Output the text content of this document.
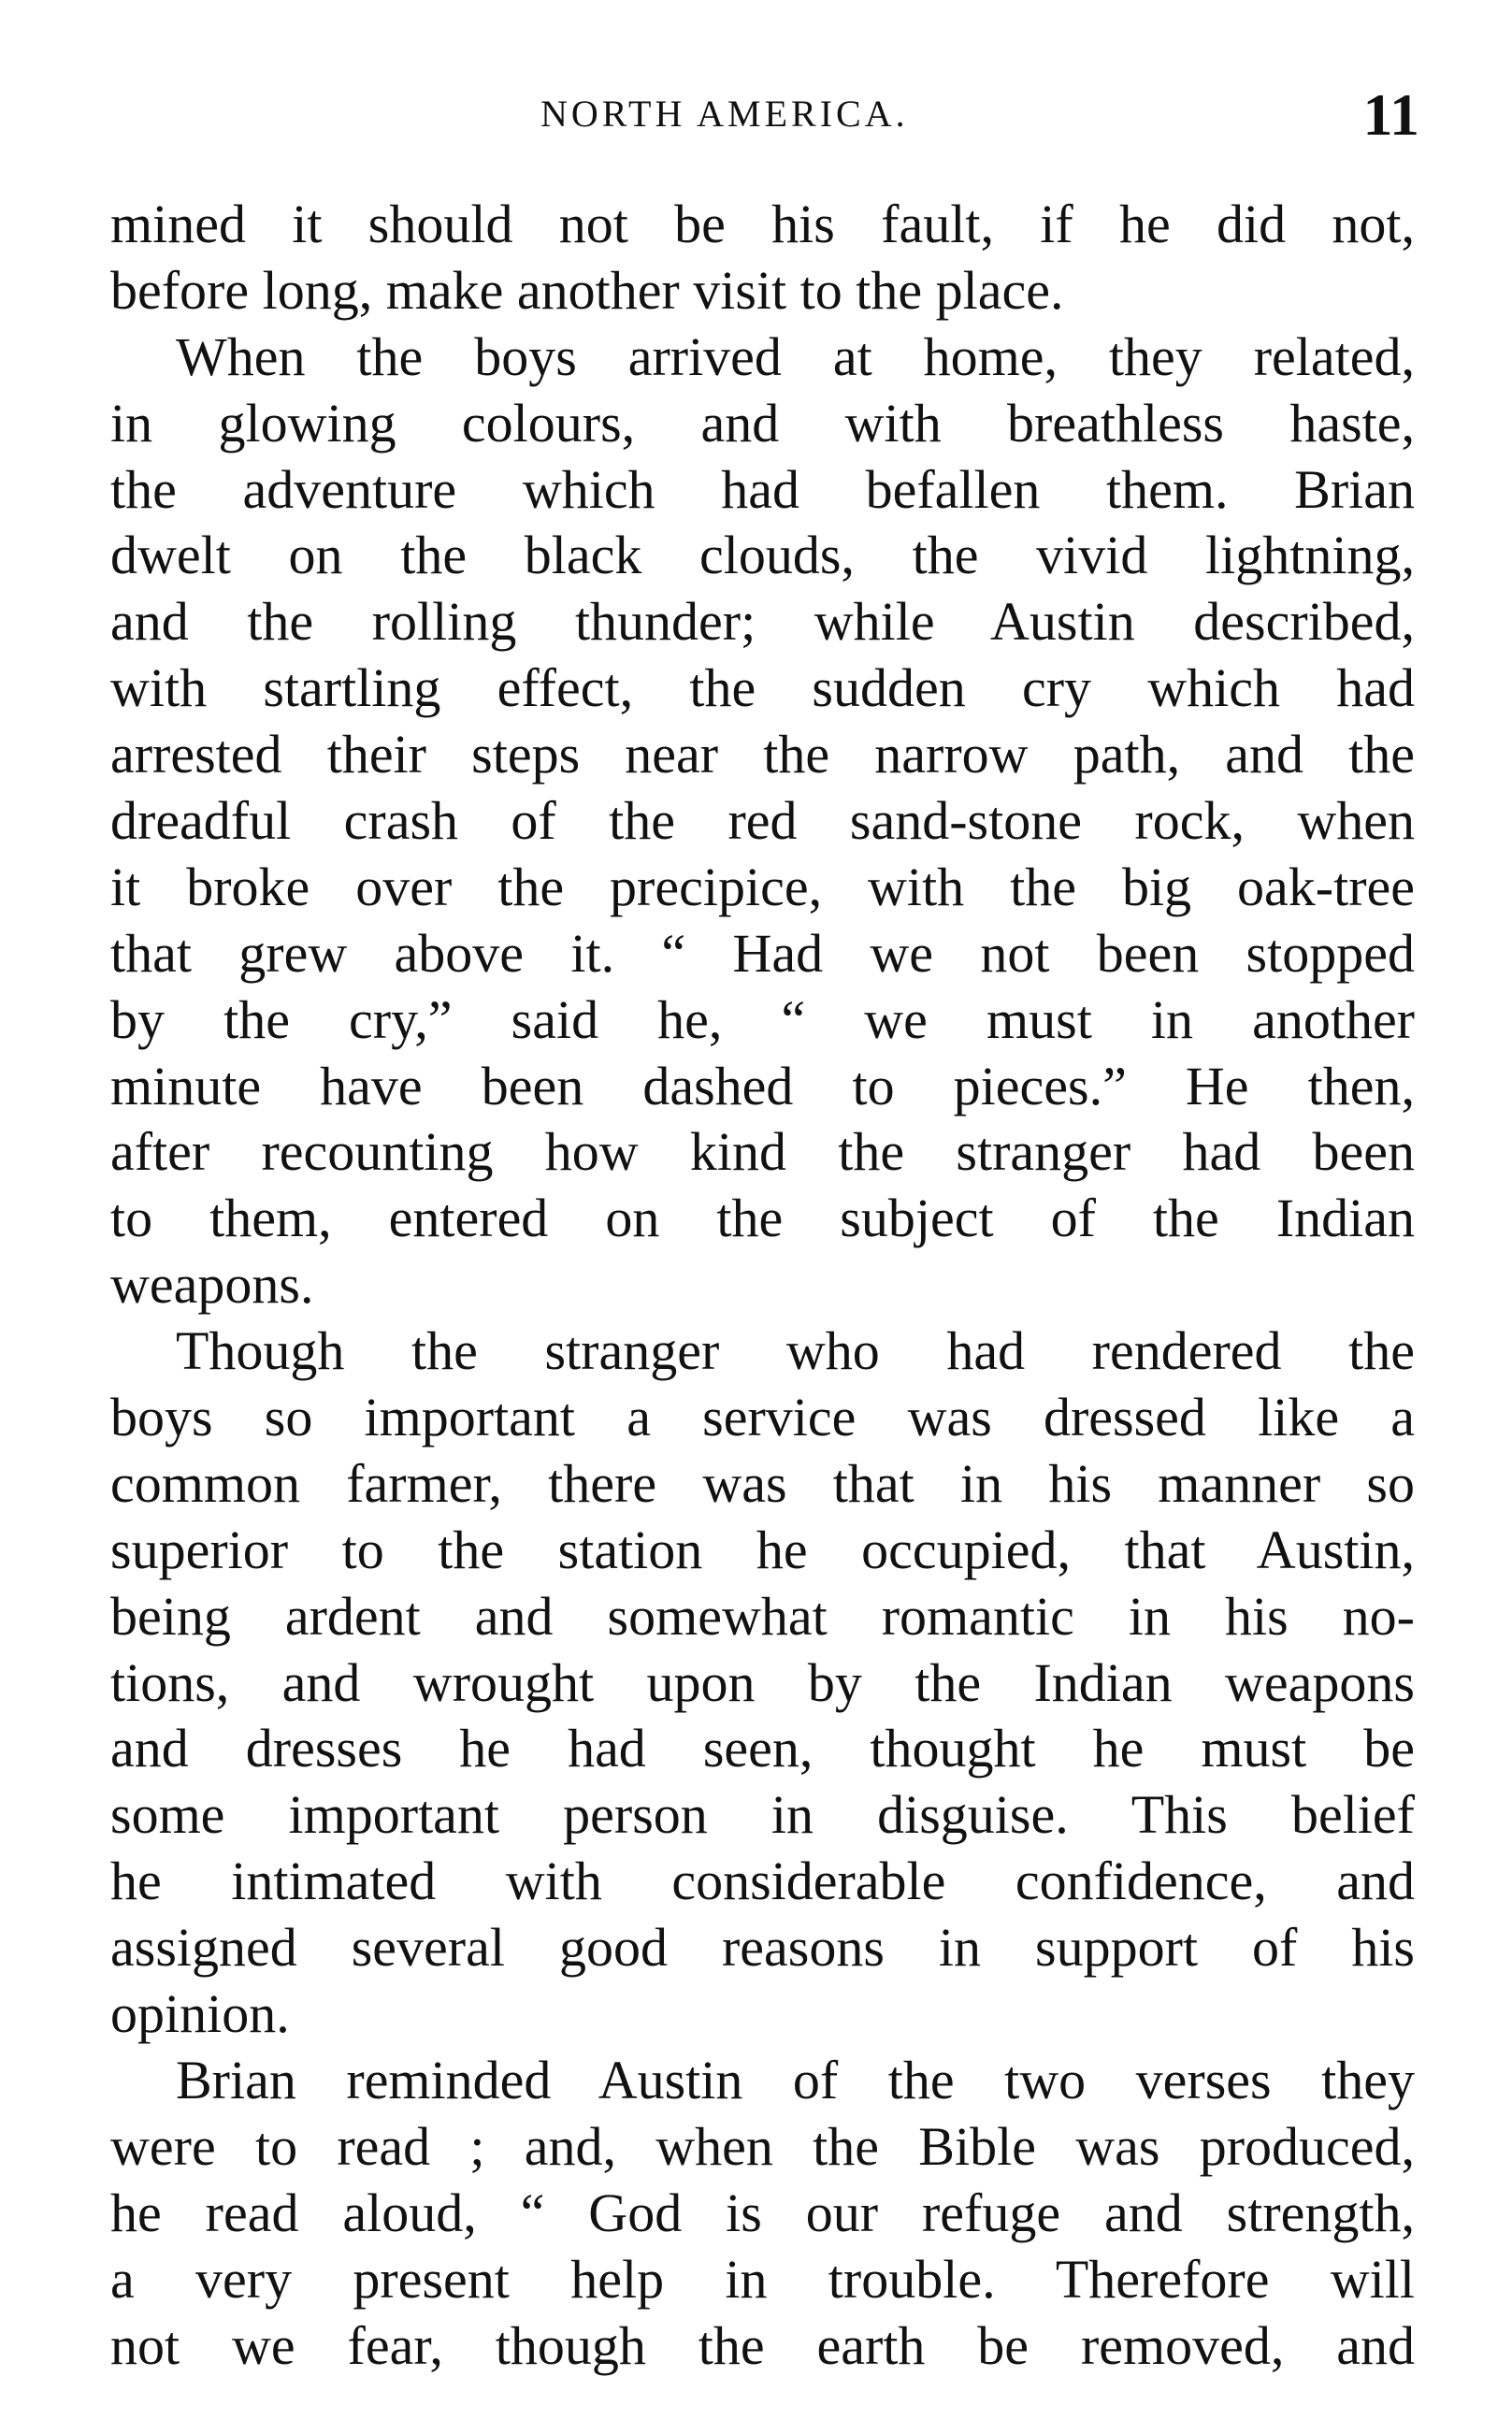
NORTH AMERICA.	11
mined it should not be his fault, if he did not,
before long, make another visit to the place.
When the boys arrived at home, they related,
in glowing colours, and with breathless haste,
the adventure which had befallen them. Brian
dwelt on the black clouds, the vivid lightning,
and the rolling thunder; while Austin described,
with startling effect, the sudden cry which had
arrested their steps near the narrow path, and the
dreadful crash of the red sand-stone rock, when
it broke over the precipice, with the big oak-tree
that grew above it. “ Had we not been stopped
by the cry,” said he, “ we must in another
minute have been dashed to pieces.” He then,
after recounting how kind the stranger had been
to them, entered on the subject of the Indian
weapons.
Though the stranger who had rendered the
boys so important a service was dressed like a
common farmer, there was that in his manner so
superior to the station he occupied, that Austin,
being ardent and somewhat romantic in his no-
tions, and wrought upon by the Indian weapons
and dresses he had seen, thought he must be
some important person in disguise. This belief
he intimated with considerable confidence, and
assigned several good reasons in support of his
opinion.
Brian reminded Austin of the two verses they
were to read ; and, when the Bible was produced,
he read aloud, “ God is our refuge and strength,
a very present help in trouble. Therefore will
not we fear, though the earth be removed, and
